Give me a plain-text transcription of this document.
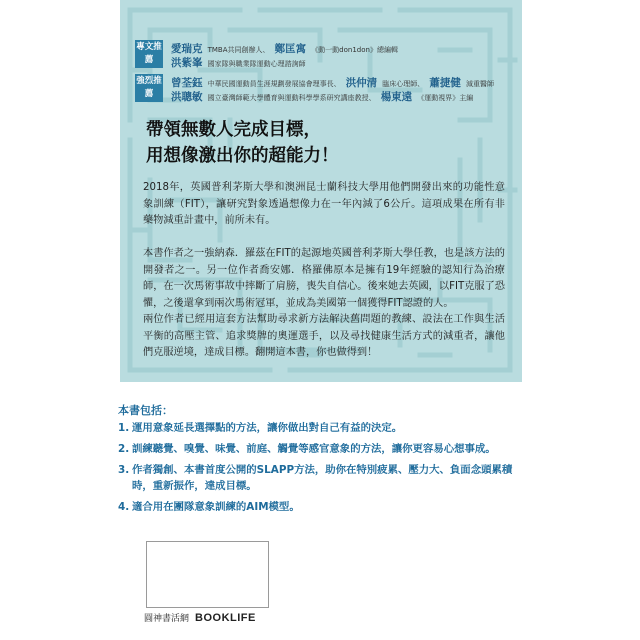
專文推薦
愛瑞克 TMBA共同創辦人、 鄭匡寓 《動一動don1don》總編輯
洪紫峯 國家隊與職業隊運動心理諮詢師
強烈推薦
曾荃鈺 中華民國運動員生涯規劃發展協會理事長、 洪仲清 臨床心理師、 蕭捷健 減重醫師
洪聰敏 國立臺灣師範大學體育與運動科學學系研究講座教授、 楊東遠 《運動視界》主編
帶領無數人完成目標，
用想像激出你的超能力！
2018年，英國普利茅斯大學和澳洲昆士蘭科技大學用他們開發出來的功能性意象訓練（FIT），讓研究對象透過想像力在一年內減了6公斤。這項成果在所有非藥物減重計畫中，前所未有。
本書作者之一強納森．羅茲在FIT的起源地英國普利茅斯大學任教，也是該方法的開發者之一。另一位作者喬安娜．格羅佛原本是擁有19年經驗的認知行為治療師，在一次馬術事故中摔斷了肩膀，喪失自信心。後來她去英國，以FIT克服了恐懼，之後還拿到兩次馬術冠軍，並成為美國第一個獲得FIT認證的人。
兩位作者已經用這套方法幫助尋求新方法解決舊問題的教練、設法在工作與生活平衡的高壓主管、追求獎牌的奧運選手，以及尋找健康生活方式的減重者，讓他們克服逆境，達成目標。翻開這本書，你也做得到！
本書包括：
1. 運用意象延長選擇點的方法，讓你做出對自己有益的決定。
2. 訓練聽覺、嗅覺、味覺、前庭、觸覺等感官意象的方法，讓你更容易心想事成。
3. 作者獨創、本書首度公開的SLAPP方法，助你在特別疲累、壓力大、負面念頭累積時，重新振作，達成目標。
4. 適合用在團隊意象訓練的AIM模型。
圓神書活網 BOOKLIFE
